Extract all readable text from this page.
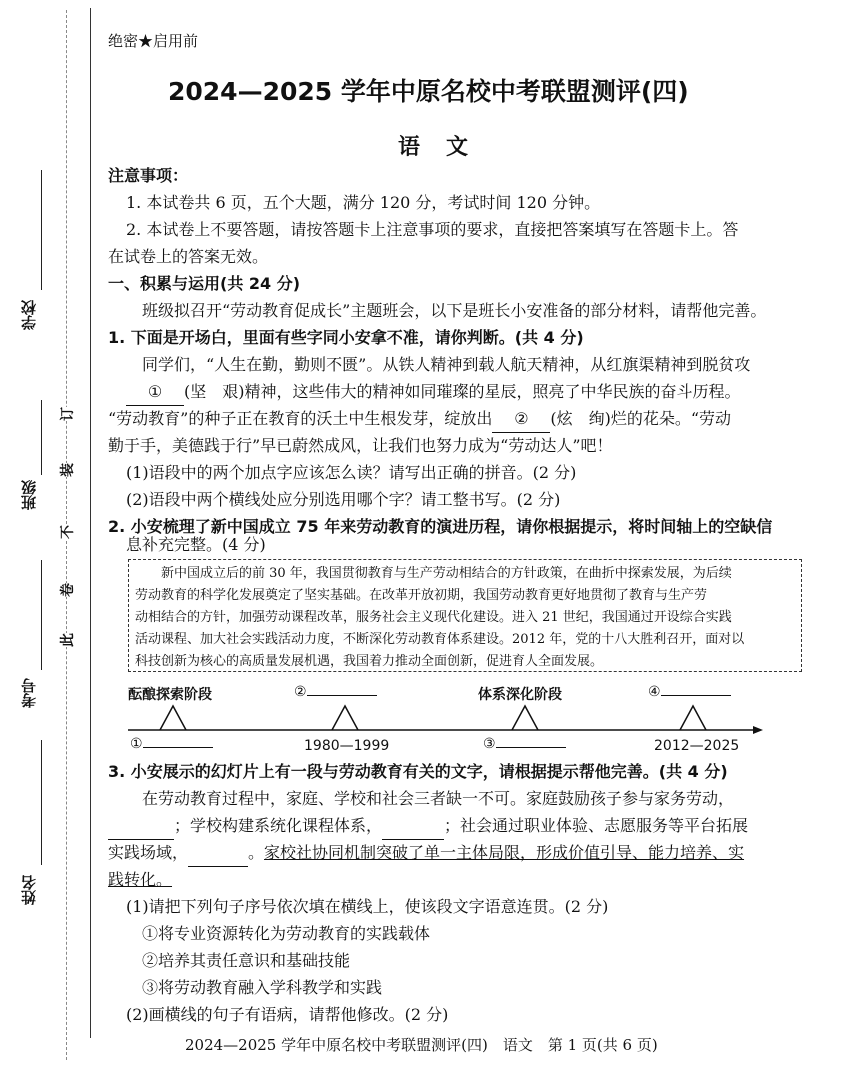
学校
班级
考号
姓名
订
装
不
卷
此
绝密★启用前
2024—2025 学年中原名校中考联盟测评(四)
语文
注意事项：
1. 本试卷共 6 页，五个大题，满分 120 分，考试时间 120 分钟。
2. 本试卷上不要答题，请按答题卡上注意事项的要求，直接把答案填写在答题卡上。答
在试卷上的答案无效。
一、积累与运用(共 24 分)
班级拟召开“劳动教育促成长”主题班会，以下是班长小安准备的部分材料，请帮他完善。
1. 下面是开场白，里面有些字同小安拿不准，请你判断。(共 4 分)
同学们，“人生在勤，勤则不匮”。从铁人精神到载人航天精神，从红旗渠精神到脱贫攻
① (坚　艰)精神，这些伟大的精神如同璀璨的星辰，照亮了中华民族的奋斗历程。
“劳动教育”的种子正在教育的沃土中生根发芽，绽放出 ② (炫　绚)烂的花朵。“劳动
勤于手，美德践于行”早已蔚然成风，让我们也努力成为“劳动达人”吧！
(1)语段中的两个加点字应该怎么读？请写出正确的拼音。(2 分)
(2)语段中两个横线处应分别选用哪个字？请工整书写。(2 分)
2. 小安梳理了新中国成立 75 年来劳动教育的演进历程，请你根据提示，将时间轴上的空缺信
息补充完整。(4 分)
　　新中国成立后的前 30 年，我国贯彻教育与生产劳动相结合的方针政策，在曲折中探索发展，为后续
劳动教育的科学化发展奠定了坚实基础。在改革开放初期，我国劳动教育更好地贯彻了教育与生产劳
动相结合的方针，加强劳动课程改革，服务社会主义现代化建设。进入 21 世纪，我国通过开设综合实践
活动课程、加大社会实践活动力度，不断深化劳动教育体系建设。2012 年，党的十八大胜利召开，面对以
科技创新为核心的高质量发展机遇，我国着力推动全面创新，促进育人全面发展。
酝酿探索阶段	②	体系深化阶段	④
①	1980—1999	③	2012—2025
3. 小安展示的幻灯片上有一段与劳动教育有关的文字，请根据提示帮他完善。(共 4 分)
在劳动教育过程中，家庭、学校和社会三者缺一不可。家庭鼓励孩子参与家务劳动，
；学校构建系统化课程体系，	；社会通过职业体验、志愿服务等平台拓展
实践场域，	。家校社协同机制突破了单一主体局限，形成价值引导、能力培养、实
践转化。
(1)请把下列句子序号依次填在横线上，使该段文字语意连贯。(2 分)
①将专业资源转化为劳动教育的实践载体
②培养其责任意识和基础技能
③将劳动教育融入学科教学和实践
(2)画横线的句子有语病，请帮他修改。(2 分)
2024—2025 学年中原名校中考联盟测评(四)　语文　第 1 页(共 6 页)
